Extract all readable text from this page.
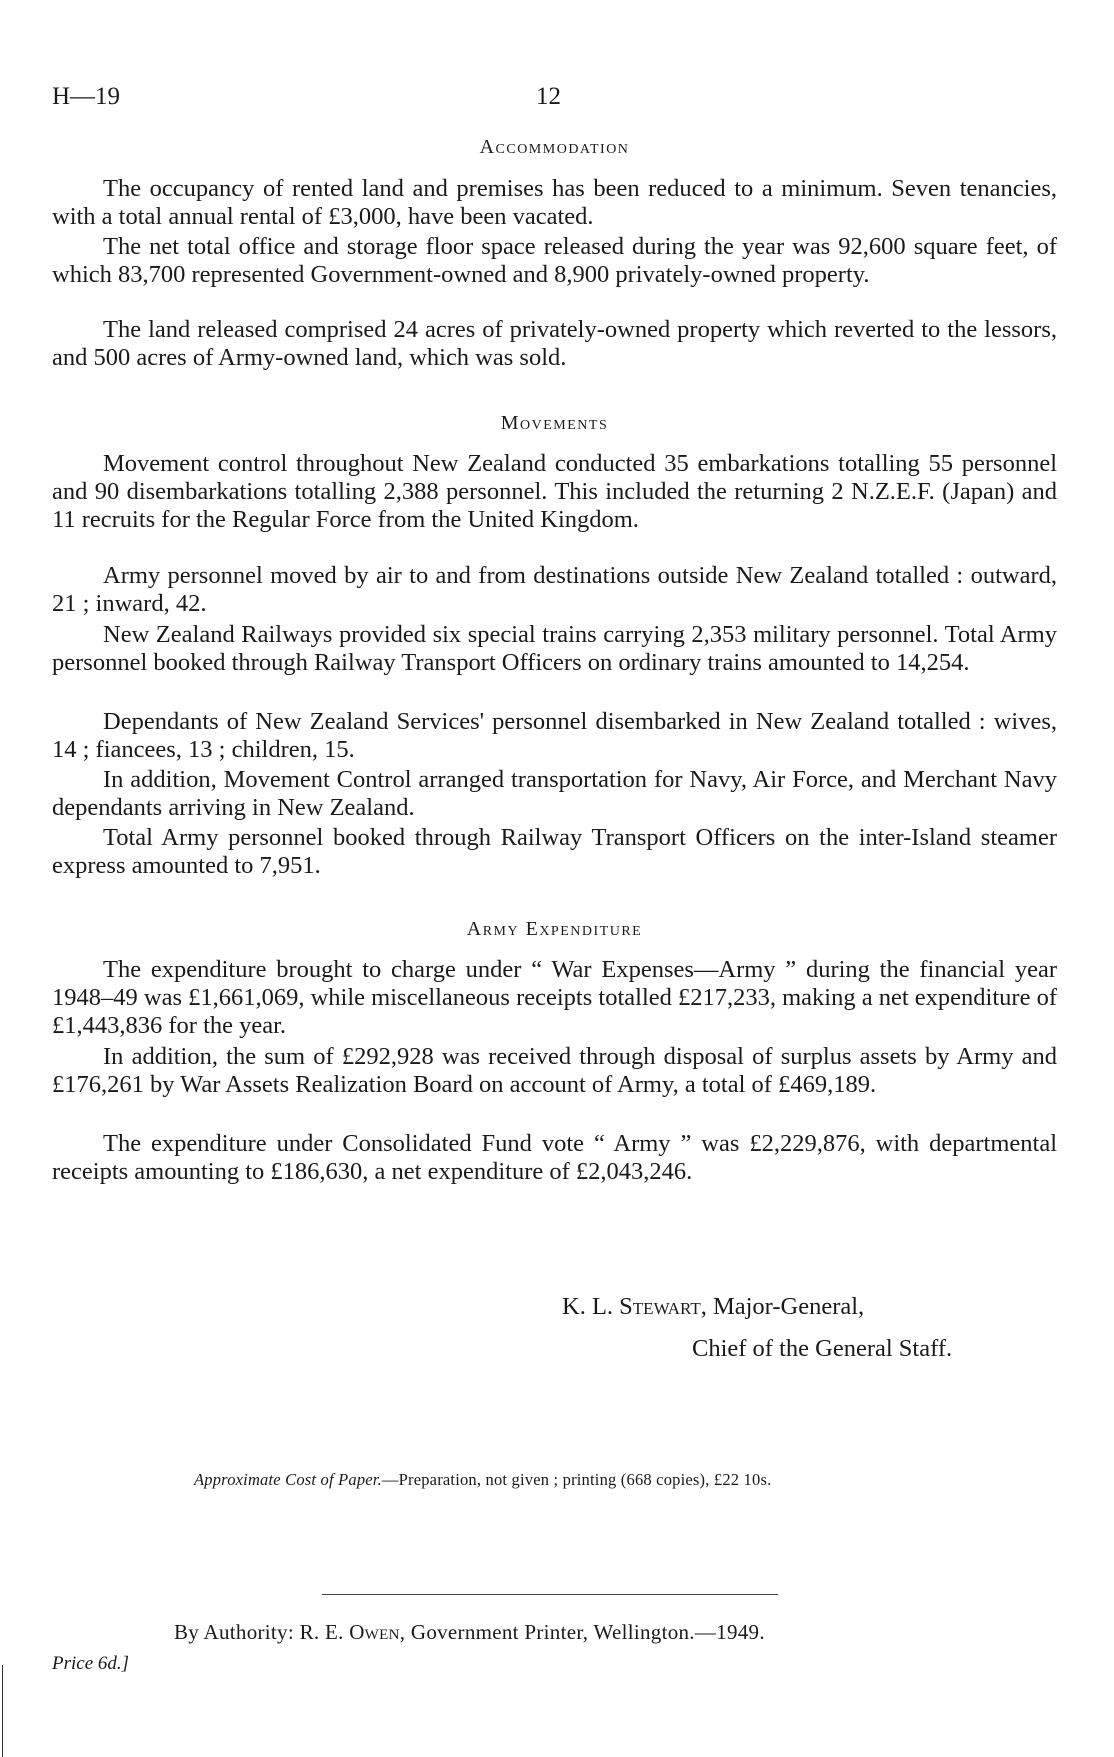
H—19	12
Accommodation

The occupancy of rented land and premises has been reduced to a minimum. Seven tenancies, with a total annual rental of £3,000, have been vacated.

The net total office and storage floor space released during the year was 92,600 square feet, of which 83,700 represented Government-owned and 8,900 privately-owned property.

The land released comprised 24 acres of privately-owned property which reverted to the lessors, and 500 acres of Army-owned land, which was sold.

Movements

Movement control throughout New Zealand conducted 35 embarkations totalling 55 personnel and 90 disembarkations totalling 2,388 personnel. This included the returning 2 N.Z.E.F. (Japan) and 11 recruits for the Regular Force from the United Kingdom.

Army personnel moved by air to and from destinations outside New Zealand totalled : outward, 21 ; inward, 42.

New Zealand Railways provided six special trains carrying 2,353 military personnel. Total Army personnel booked through Railway Transport Officers on ordinary trains amounted to 14,254.

Dependants of New Zealand Services' personnel disembarked in New Zealand totalled : wives, 14 ; fiancees, 13 ; children, 15.

In addition, Movement Control arranged transportation for Navy, Air Force, and Merchant Navy dependants arriving in New Zealand.

Total Army personnel booked through Railway Transport Officers on the inter-Island steamer express amounted to 7,951.

Army Expenditure

The expenditure brought to charge under “ War Expenses—Army ” during the financial year 1948–49 was £1,661,069, while miscellaneous receipts totalled £217,233, making a net expenditure of £1,443,836 for the year.

In addition, the sum of £292,928 was received through disposal of surplus assets by Army and £176,261 by War Assets Realization Board on account of Army, a total of £469,189.

The expenditure under Consolidated Fund vote “ Army ” was £2,229,876, with departmental receipts amounting to £186,630, a net expenditure of £2,043,246.

K. L. Stewart, Major-General,
Chief of the General Staff.
Approximate Cost of Paper.—Preparation, not given ; printing (668 copies), £22 10s.
By Authority: R. E. Owen, Government Printer, Wellington.—1949.
Price 6d.]
